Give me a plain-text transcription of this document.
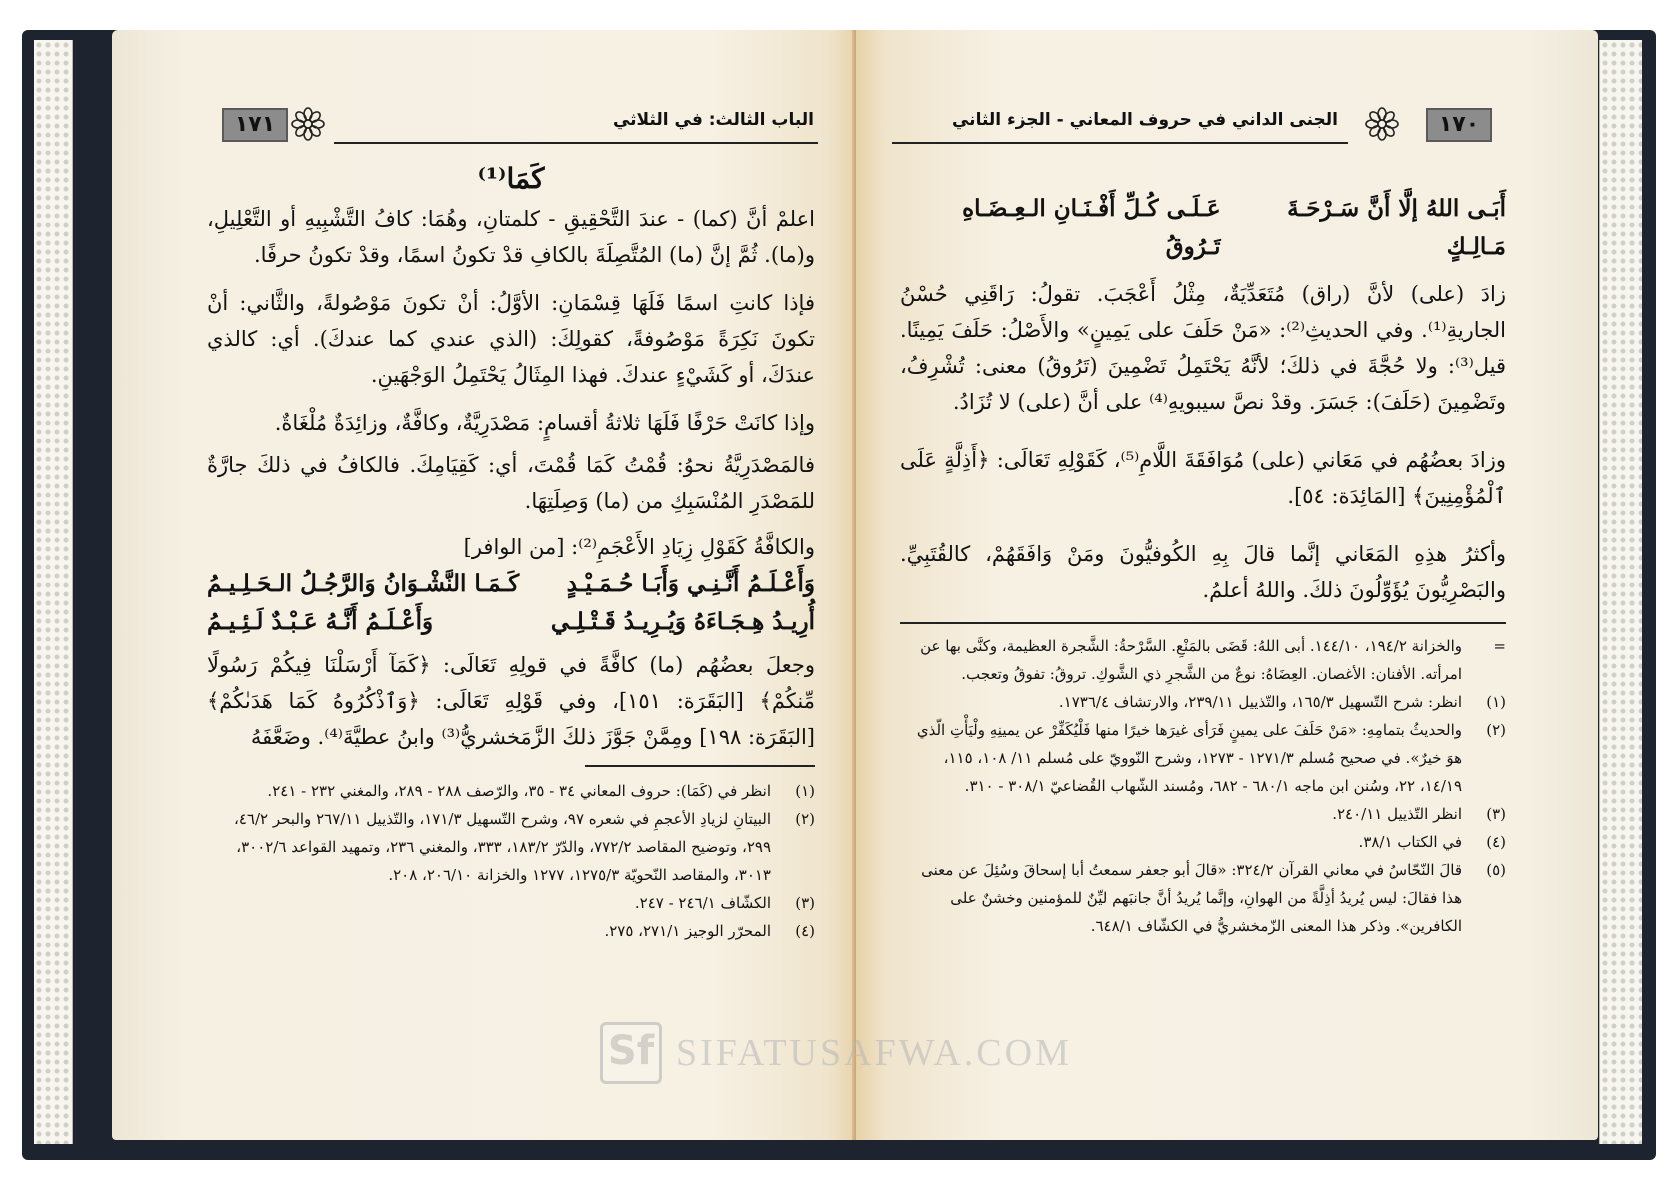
١٧١	الباب الثالث: في الثلاثي
كَمَا⁽¹⁾

اعلمْ أنَّ (كما) - عندَ التَّحْقِيقِ - كلمتانِ، وهُمَا: كافُ التَّشْبِيهِ أو التَّعْلِيلِ، و(ما). ثُمَّ إنَّ (ما) المُتَّصِلَةَ بالكافِ قدْ تكونُ اسمًا، وقدْ تكونُ حرفًا.

فإذا كانتِ اسمًا فَلَهَا قِسْمَانِ: الأوَّلُ: أنْ تكونَ مَوْصُولةً، والثَّاني: أنْ تكونَ نَكِرَةً مَوْصُوفةً، كقولِكَ: (الذي عندي كما عندكَ). أي: كالذي عندَكَ، أو كَشَيْءٍ عندكَ. فهذا المِثَالُ يَحْتَمِلُ الوَجْهَينِ.

وإذا كانَتْ حَرْفًا فَلَهَا ثلاثةُ أقسامٍ: مَصْدَرِيَّةٌ، وكافَّةٌ، وزائِدَةٌ مُلْغَاةٌ.

فالمَصْدَرِيَّةُ نحوُ: قُمْتُ كَمَا قُمْتَ، أي: كَقِيَامِكَ. فالكافُ في ذلكَ جارَّةٌ للمَصْدَرِ المُنْسَبِكِ من (ما) وَصِلَتِهَا.

والكافَّةُ كَقَوْلِ زِيَادِ الأَعْجَمِ⁽²⁾: [من الوافر]

وَأَعْـلَـمُ أَنَّـنِـي وَأَبَـا حُـمَـيْـدٍ
كَـمَـا النَّشْـوَانُ وَالرَّجُـلُ الـحَـلِـيـمُ
أُرِيـدُ هِـجَـاءَهُ وَيُـرِيـدُ قَـتْـلِـي
وَأَعْـلَـمُ أَنَّـهُ عَـبْـدٌ لَـئِـيـمُ

وجعلَ بعضُهُم (ما) كافَّةً في قولِهِ تَعَالَى: ﴿كَمَآ أَرْسَلْنَا فِيكُمْ رَسُولًا مِّنكُمْ﴾ [البَقَرَة: ١٥١]، وفي قَوْلِهِ تَعَالَى: ﴿وَٱذْكُرُوهُ كَمَا هَدَىٰكُمْ﴾ [البَقَرَة: ١٩٨] ومِمَّنْ جَوَّزَ ذلكَ الزَّمَخشريُّ⁽³⁾ وابنُ عطيَّةَ⁽⁴⁾. وضَعَّفَهُ

(١)
انظر في (كَمَا): حروف المعاني ٣٤ - ٣٥، والرّصف ٢٨٨ - ٢٨٩، والمغني ٢٣٢ - ٢٤١.
(٢)
البيتانِ لزيادِ الأعجمِ في شعره ٩٧، وشرح التّسهيل ١٧١/٣، والتّذييل ٢٦٧/١١ والبحر ٤٦/٢، ٢٩٩، وتوضيح المقاصد ٧٧٢/٢، والدّرّ ١٨٣/٢، ٣٣٣، والمغني ٢٣٦، وتمهيد القواعد ٣٠٠٢/٦، ٣٠١٣، والمقاصد النّحويّة ١٢٧٥/٣، ١٢٧٧ والخزانة ٢٠٦/١٠، ٢٠٨.
(٣)
الكشّاف ٢٤٦/١ - ٢٤٧.
(٤)
المحرّر الوجيز ٢٧١/١، ٢٧٥.
١٧٠
الجنى الداني في حروف المعاني - الجزء الثاني
أَبَـى اللهُ إلَّا أَنَّ سَـرْحَـةَ مَـالِـكٍ
عَـلَـى كُـلِّ أَفْـنَـانِ الـعِـضَـاهِ تَـرُوقُ

زادَ (على) لأنَّ (راق) مُتَعَدِّيَةٌ، مِثْلُ أَعْجَبَ. تقولُ: رَاقَنِي حُسْنُ الجاريةِ⁽¹⁾. وفي الحديثِ⁽²⁾: «مَنْ حَلَفَ على يَمِينٍ» والأَصْلُ: حَلَفَ يَمِينًا. قيل⁽³⁾: ولا حُجَّةَ في ذلكَ؛ لأنَّهُ يَحْتَمِلُ تَضْمِينَ (تَرُوقُ) معنى: تُشْرِفُ، وتَضْمِينَ (حَلَفَ): جَسَرَ. وقدْ نصَّ سيبويهِ⁽⁴⁾ على أنَّ (على) لا تُزَادُ.

وزادَ بعضُهُم في مَعَاني (على) مُوَافَقَةَ اللَّامِ⁽⁵⁾، كَقَوْلِهِ تَعَالَى: ﴿أَذِلَّةٍ عَلَى ٱلْمُؤْمِنِينَ﴾ [المَائِدَة: ٥٤].

وأكثرُ هذِهِ المَعَاني إنَّما قالَ بِهِ الكُوفيُّونَ ومَنْ وَافَقَهُمْ، كالقُتَبِيِّ. والبَصْرِيُّونَ يُؤَوِّلُونَ ذلكَ. واللهُ أعلمُ.

=
والخزانة ١٩٤/٢، ١٤٤/١٠. أبى اللهُ: قَضَى بالمَنْعِ. السَّرْحةُ: الشَّجرة العظيمة، وكنَّى بها عن امرأته. الأفنان: الأغصان. العِضَاهُ: نوعٌ من الشَّجرِ ذي الشَّوكِ. تروقُ: تفوقُ وتعجب.
(١)
انظر: شرح التّسهيل ١٦٥/٣، والتّذييل ٢٣٩/١١، والارتشاف ١٧٣٦/٤.
(٢)
والحديثُ بتمامِهِ: «مَنْ حَلَفَ على يمينٍ فَرَأى غيرَها خيرًا منها فَلْيُكَفِّرْ عن يمينِهِ ولْيَأْتِ الّذي هوَ خيرٌ». في صحيح مُسلم ١٢٧١/٣ - ١٢٧٣، وشرح النّوويّ على مُسلم ١١/ ١٠٨، ١١٥، ١٤/١٩، ٢٢، وسُنن ابن ماجه ٦٨٠/١ - ٦٨٢، ومُسند الشّهاب القُضاعيّ ٣٠٨/١ - ٣١٠.
(٣)
انظر التّذييل ٢٤٠/١١.
(٤)
في الكتاب ٣٨/١.
(٥)
قالَ النّحّاسُ في معاني القرآن ٣٢٤/٢: «قالَ أبو جعفر سمعتُ أبا إسحاقَ وسُئِلَ عن معنى هذا فقالَ: ليس يُريدُ أذِلَّةً من الهوانِ، وإنَّما يُريدُ أنَّ جانبَهم ليِّنٌ للمؤمنين وخشنٌ على الكافرين». وذكر هذا المعنى الزّمخشريُّ في الكشّاف ٦٤٨/١.
Sf SIFATUSAFWA.COM
